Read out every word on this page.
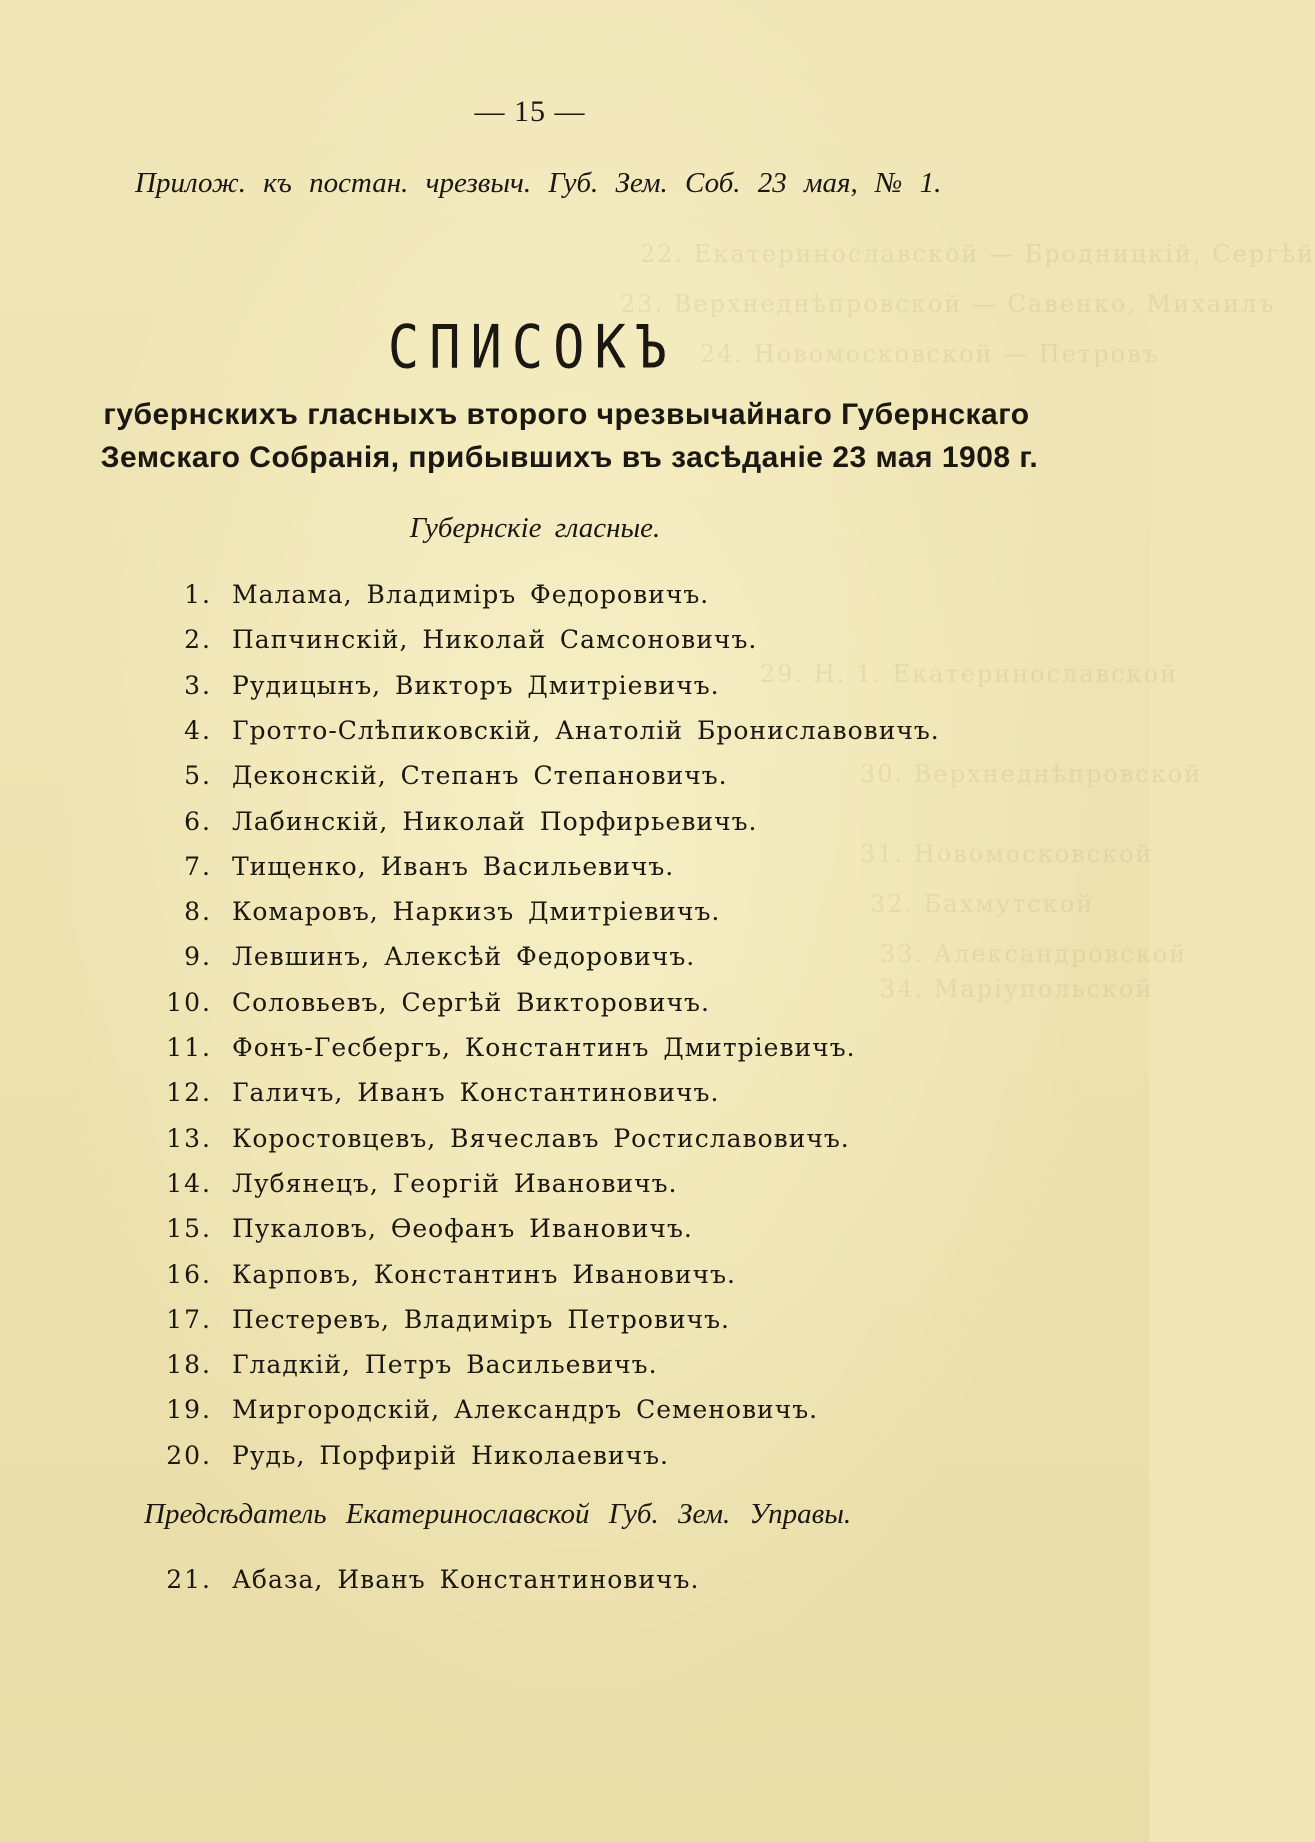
22. Екатеринославской — Бродницкій, Сергѣй
23. Верхнеднѣпровской — Савенко, Михаилъ
24. Новомосковской — Петровъ
29. Н. 1. Екатеринославской
30. Верхнеднѣпровской
31. Новомосковской
32. Бахмутской
33. Александровской
34. Маріупольской
— 15 —
Прилож. къ постан. чрезвыч. Губ. Зем. Соб. 23 мая, № 1.
СПИСОКЪ
губернскихъ гласныхъ второго чрезвычайнаго Губернскаго
Земскаго Собранія, прибывшихъ въ засѣданіе 23 мая 1908 г.
Губернскіе гласные.
1. Малама, Владиміръ Федоровичъ.
2. Папчинскій, Николай Самсоновичъ.
3. Рудицынъ, Викторъ Дмитріевичъ.
4. Гротто-Слѣпиковскій, Анатолій Брониславовичъ.
5. Деконскій, Степанъ Степановичъ.
6. Лабинскій, Николай Порфирьевичъ.
7. Тищенко, Иванъ Васильевичъ.
8. Комаровъ, Наркизъ Дмитріевичъ.
9. Левшинъ, Алексѣй Федоровичъ.
10. Соловьевъ, Сергѣй Викторовичъ.
11. Фонъ-Гесбергъ, Константинъ Дмитріевичъ.
12. Галичъ, Иванъ Константиновичъ.
13. Коростовцевъ, Вячеславъ Ростиславовичъ.
14. Лубянецъ, Георгій Ивановичъ.
15. Пукаловъ, Ѳеофанъ Ивановичъ.
16. Карповъ, Константинъ Ивановичъ.
17. Пестеревъ, Владиміръ Петровичъ.
18. Гладкій, Петръ Васильевичъ.
19. Миргородскій, Александръ Семеновичъ.
20. Рудь, Порфирій Николаевичъ.
Предсѣдатель Екатеринославской Губ. Зем. Управы.
21. Абаза, Иванъ Константиновичъ.
